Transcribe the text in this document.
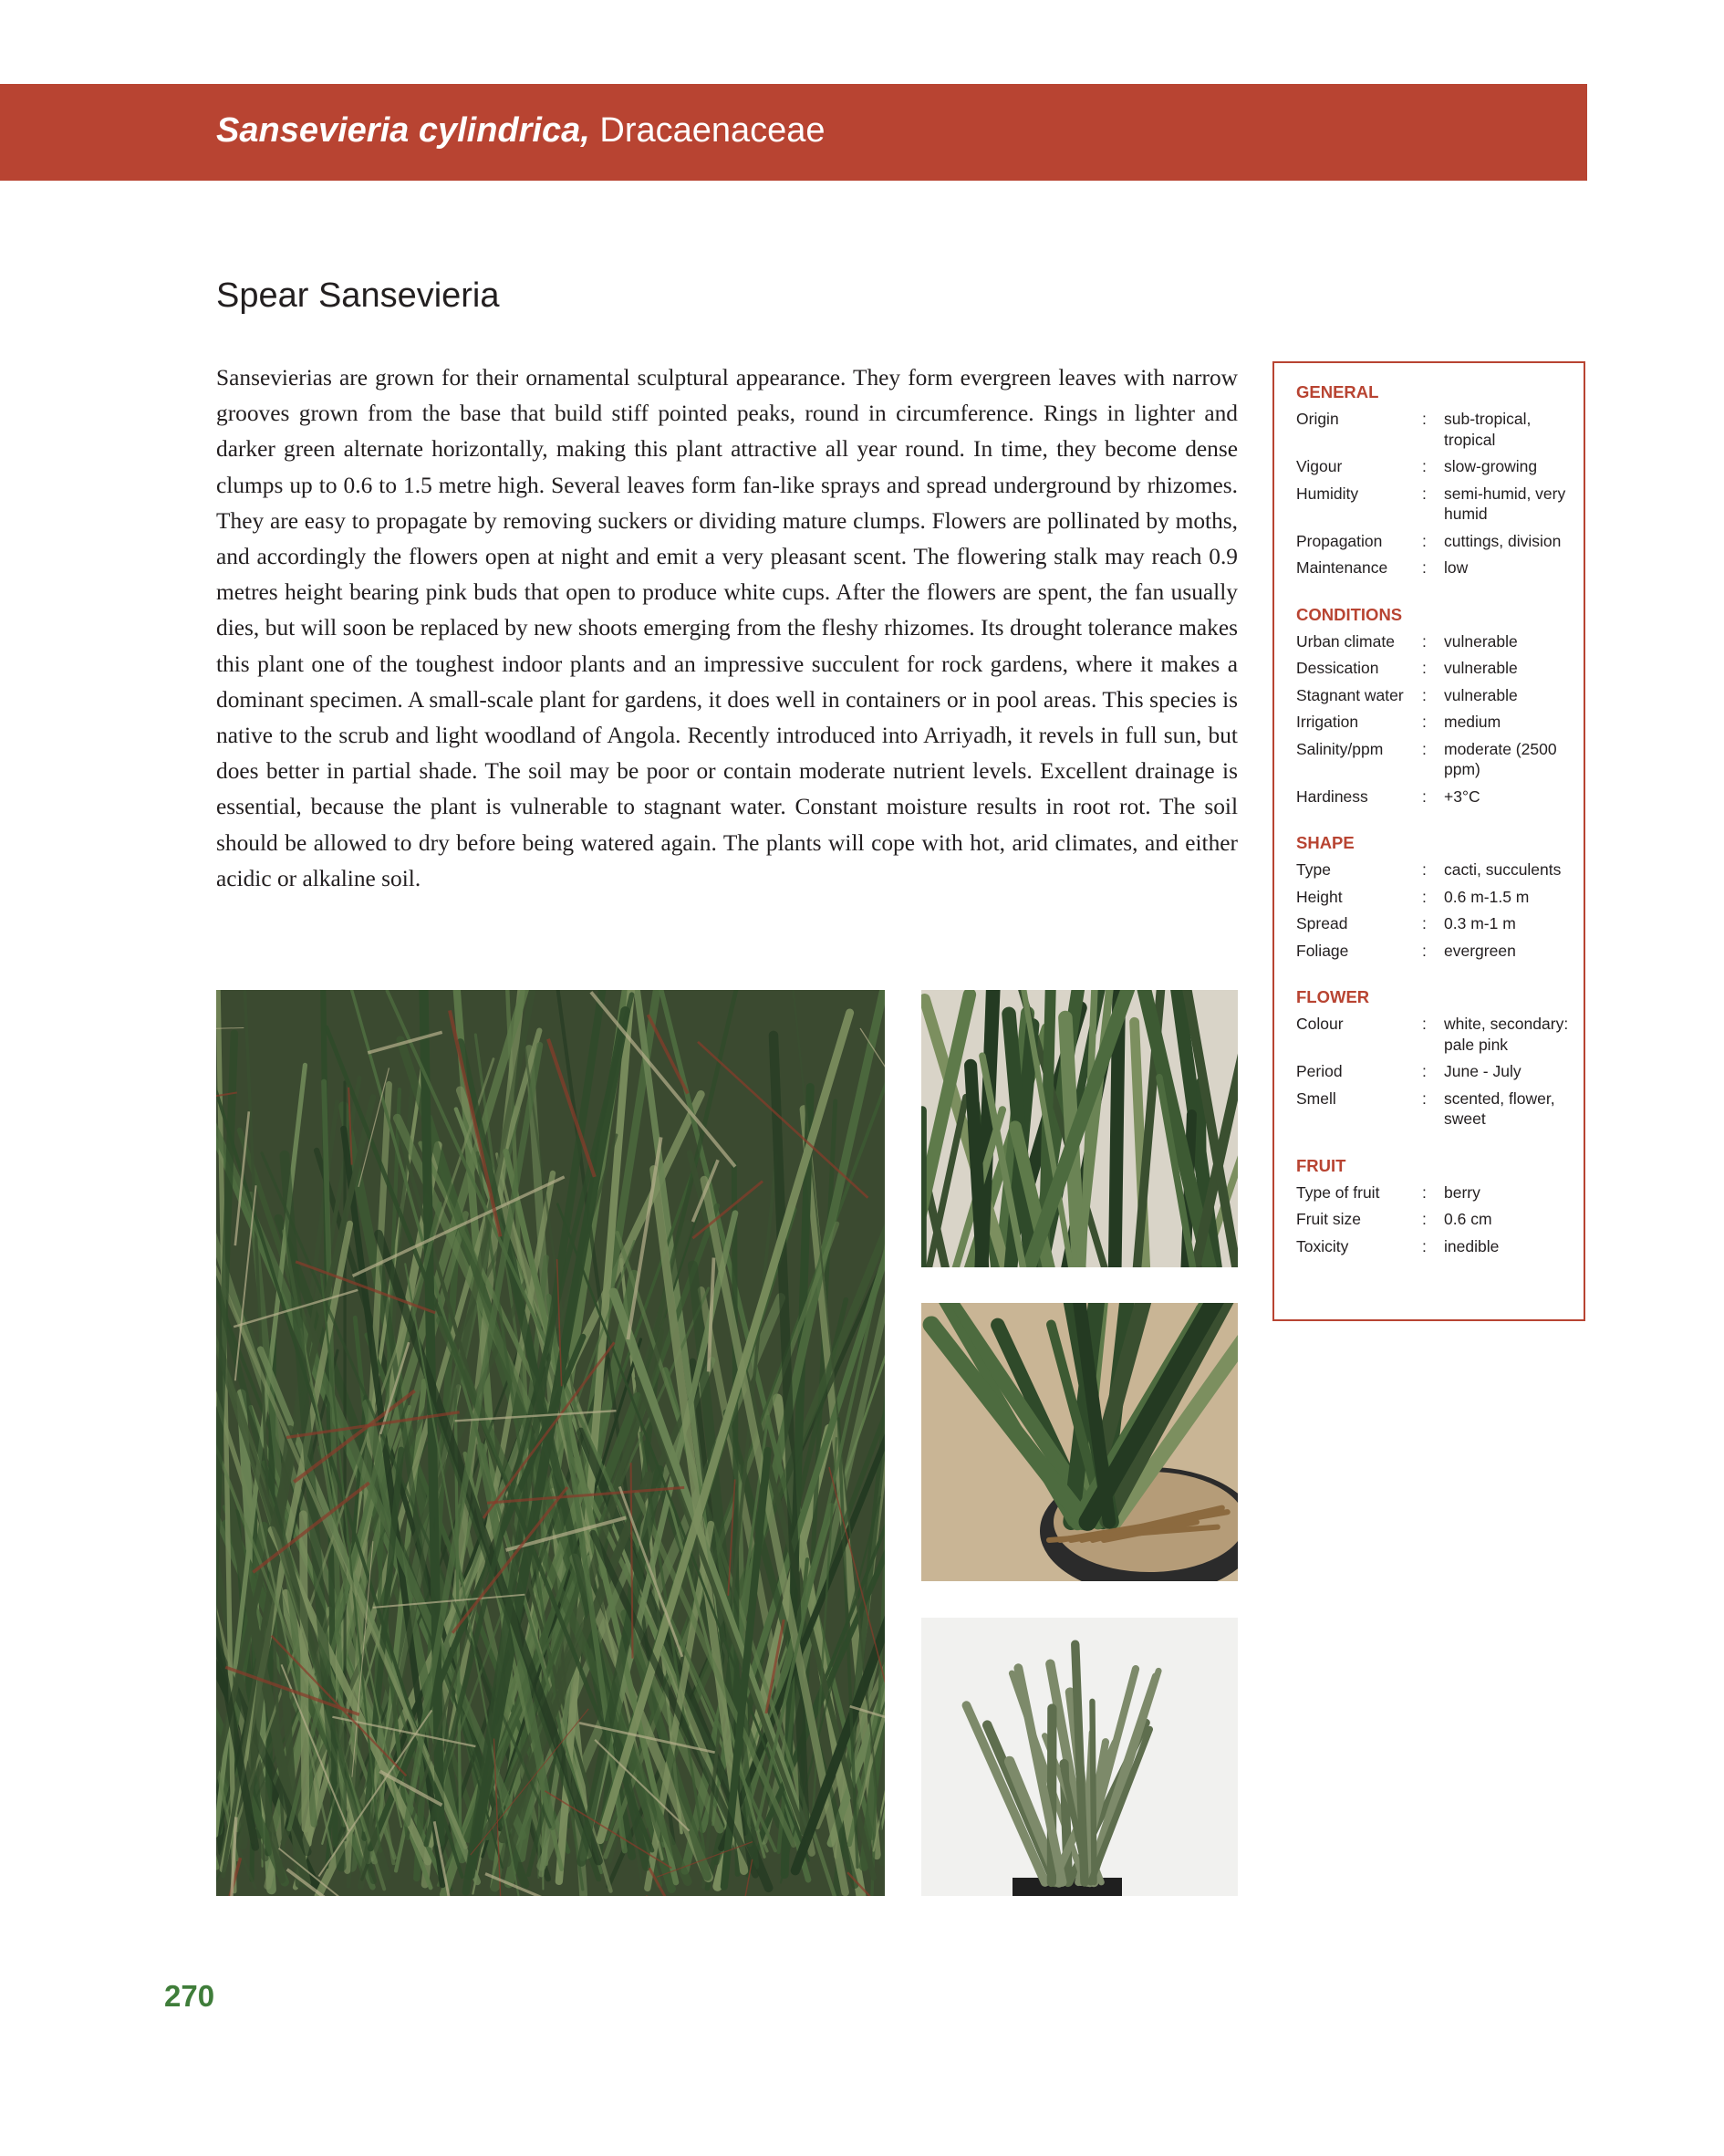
Sansevieria cylindrica, Dracaenaceae
Spear Sansevieria

Sansevierias are grown for their ornamental sculptural appearance. They form evergreen leaves with narrow grooves grown from the base that build stiff pointed peaks, round in circumference. Rings in lighter and darker green alternate horizontally, making this plant attractive all year round. In time, they become dense clumps up to 0.6 to 1.5 metre high. Several leaves form fan-like sprays and spread underground by rhizomes. They are easy to propagate by removing suckers or dividing mature clumps. Flowers are pollinated by moths, and accordingly the flowers open at night and emit a very pleasant scent. The flowering stalk may reach 0.9 metres height bearing pink buds that open to produce white cups. After the flowers are spent, the fan usually dies, but will soon be replaced by new shoots emerging from the fleshy rhizomes. Its drought tolerance makes this plant one of the toughest indoor plants and an impressive succulent for rock gardens, where it makes a dominant specimen. A small-scale plant for gardens, it does well in containers or in pool areas. This species is native to the scrub and light woodland of Angola. Recently introduced into Arriyadh, it revels in full sun, but does better in partial shade. The soil may be poor or contain moderate nutrient levels. Excellent drainage is essential, because the plant is vulnerable to stagnant water. Constant moisture results in root rot. The soil should be allowed to dry before being watered again. The plants will cope with hot, arid climates, and either acidic or alkaline soil.

GENERAL
Origin	:	sub-tropical, tropical
Vigour	:	slow-growing
Humidity	:	semi-humid, very humid
Propagation	:	cuttings, division
Maintenance	:	low
CONDITIONS
Urban climate	:	vulnerable
Dessication	:	vulnerable
Stagnant water	:	vulnerable
Irrigation	:	medium
Salinity/ppm	:	moderate (2500 ppm)
Hardiness	:	+3°C
SHAPE
Type	:	cacti, succulents
Height	:	0.6 m-1.5 m
Spread	:	0.3 m-1 m
Foliage	:	evergreen
FLOWER
Colour	:	white, secondary: pale pink
Period	:	June - July
Smell	:	scented, flower, sweet
FRUIT
Type of fruit	:	berry
Fruit size	:	0.6 cm
Toxicity	:	inedible
270
